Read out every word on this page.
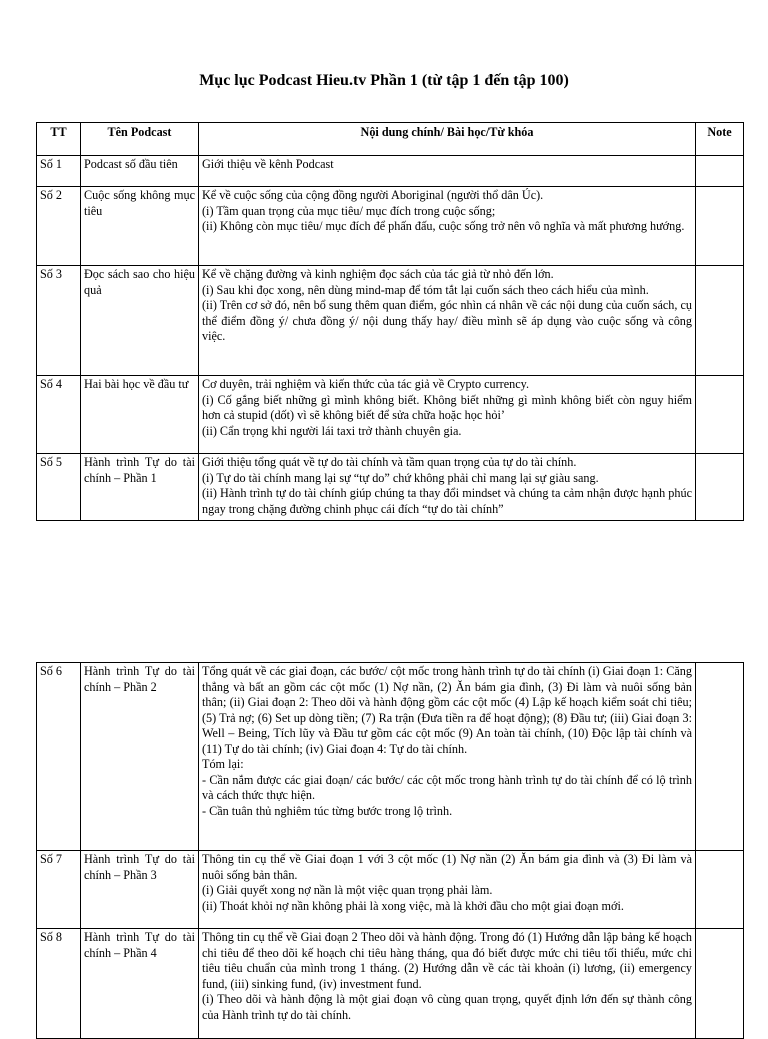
Mục lục Podcast Hieu.tv Phần 1 (từ tập 1 đến tập 100)
TT	Tên Podcast	Nội dung chính/ Bài học/Từ khóa	Note
Số 1	Podcast số đầu tiên	Giới thiệu về kênh Podcast	

Số 2	Cuộc sống không mục tiêu	Kể về cuộc sống của cộng đồng người Aboriginal (người thổ dân Úc).
(i) Tầm quan trọng của mục tiêu/ mục đích trong cuộc sống;
(ii) Không còn mục tiêu/ mục đích để phấn đấu, cuộc sống trở nên vô nghĩa và mất phương hướng.	

Số 3	Đọc sách sao cho hiệu quả	Kể về chặng đường và kinh nghiệm đọc sách của tác giả từ nhỏ đến lớn.
(i) Sau khi đọc xong, nên dùng mind-map để tóm tắt lại cuốn sách theo cách hiểu của mình.
(ii) Trên cơ sở đó, nên bổ sung thêm quan điểm, góc nhìn cá nhân về các nội dung của cuốn sách, cụ thể điểm đồng ý/ chưa đồng ý/ nội dung thấy hay/ điều mình sẽ áp dụng vào cuộc sống và công việc.	

Số 4	Hai bài học về đầu tư	Cơ duyên, trải nghiệm và kiến thức của tác giả về Crypto currency.
(i) Cố gắng biết những gì mình không biết. Không biết những gì mình không biết còn nguy hiểm hơn cả stupid (dốt) vì sẽ không biết để sửa chữa hoặc học hỏi’
(ii) Cẩn trọng khi người lái taxi trở thành chuyên gia.	

Số 5	Hành trình Tự do tài chính – Phần 1	Giới thiệu tổng quát về tự do tài chính và tầm quan trọng của tự do tài chính.
(i) Tự do tài chính mang lại sự “tự do” chứ không phải chỉ mang lại sự giàu sang.
(ii) Hành trình tự do tài chính giúp chúng ta thay đổi mindset và chúng ta cảm nhận được hạnh phúc ngay trong chặng đường chinh phục cái đích “tự do tài chính”	

Số 6	Hành trình Tự do tài chính – Phần 2	Tổng quát về các giai đoạn, các bước/ cột mốc trong hành trình tự do tài chính (i) Giai đoạn 1: Căng thẳng và bất an gồm các cột mốc (1) Nợ nần, (2) Ăn bám gia đình, (3) Đi làm và nuôi sống bản thân; (ii) Giai đoạn 2: Theo dõi và hành động gồm các cột mốc (4) Lập kế hoạch kiểm soát chi tiêu; (5) Trả nợ; (6) Set up dòng tiền; (7) Ra trận (Đưa tiền ra để hoạt động); (8) Đầu tư; (iii) Giai đoạn 3: Well – Being, Tích lũy và Đầu tư gồm các cột mốc (9) An toàn tài chính, (10) Độc lập tài chính và (11) Tự do tài chính; (iv) Giai đoạn 4: Tự do tài chính.
Tóm lại:
- Cần nắm được các giai đoạn/ các bước/ các cột mốc trong hành trình tự do tài chính để có lộ trình và cách thức thực hiện.
- Cần tuân thủ nghiêm túc từng bước trong lộ trình.	

Số 7	Hành trình Tự do tài chính – Phần 3	Thông tin cụ thể về Giai đoạn 1 với 3 cột mốc (1) Nợ nần (2) Ăn bám gia đình và (3) Đi làm và nuôi sống bản thân.
(i) Giải quyết xong nợ nần là một việc quan trọng phải làm.
(ii) Thoát khỏi nợ nần không phải là xong việc, mà là khởi đầu cho một giai đoạn mới.	

Số 8	Hành trình Tự do tài chính – Phần 4	Thông tin cụ thể về Giai đoạn 2 Theo dõi và hành động. Trong đó (1) Hướng dẫn lập bảng kế hoạch chi tiêu để theo dõi kế hoạch chi tiêu hàng tháng, qua đó biết được mức chi tiêu tối thiểu, mức chi tiêu tiêu chuẩn của mình trong 1 tháng. (2) Hướng dẫn về các tài khoản (i) lương, (ii) emergency fund, (iii) sinking fund, (iv) investment fund.
(i) Theo dõi và hành động là một giai đoạn vô cùng quan trọng, quyết định lớn đến sự thành công của Hành trình tự do tài chính.	
